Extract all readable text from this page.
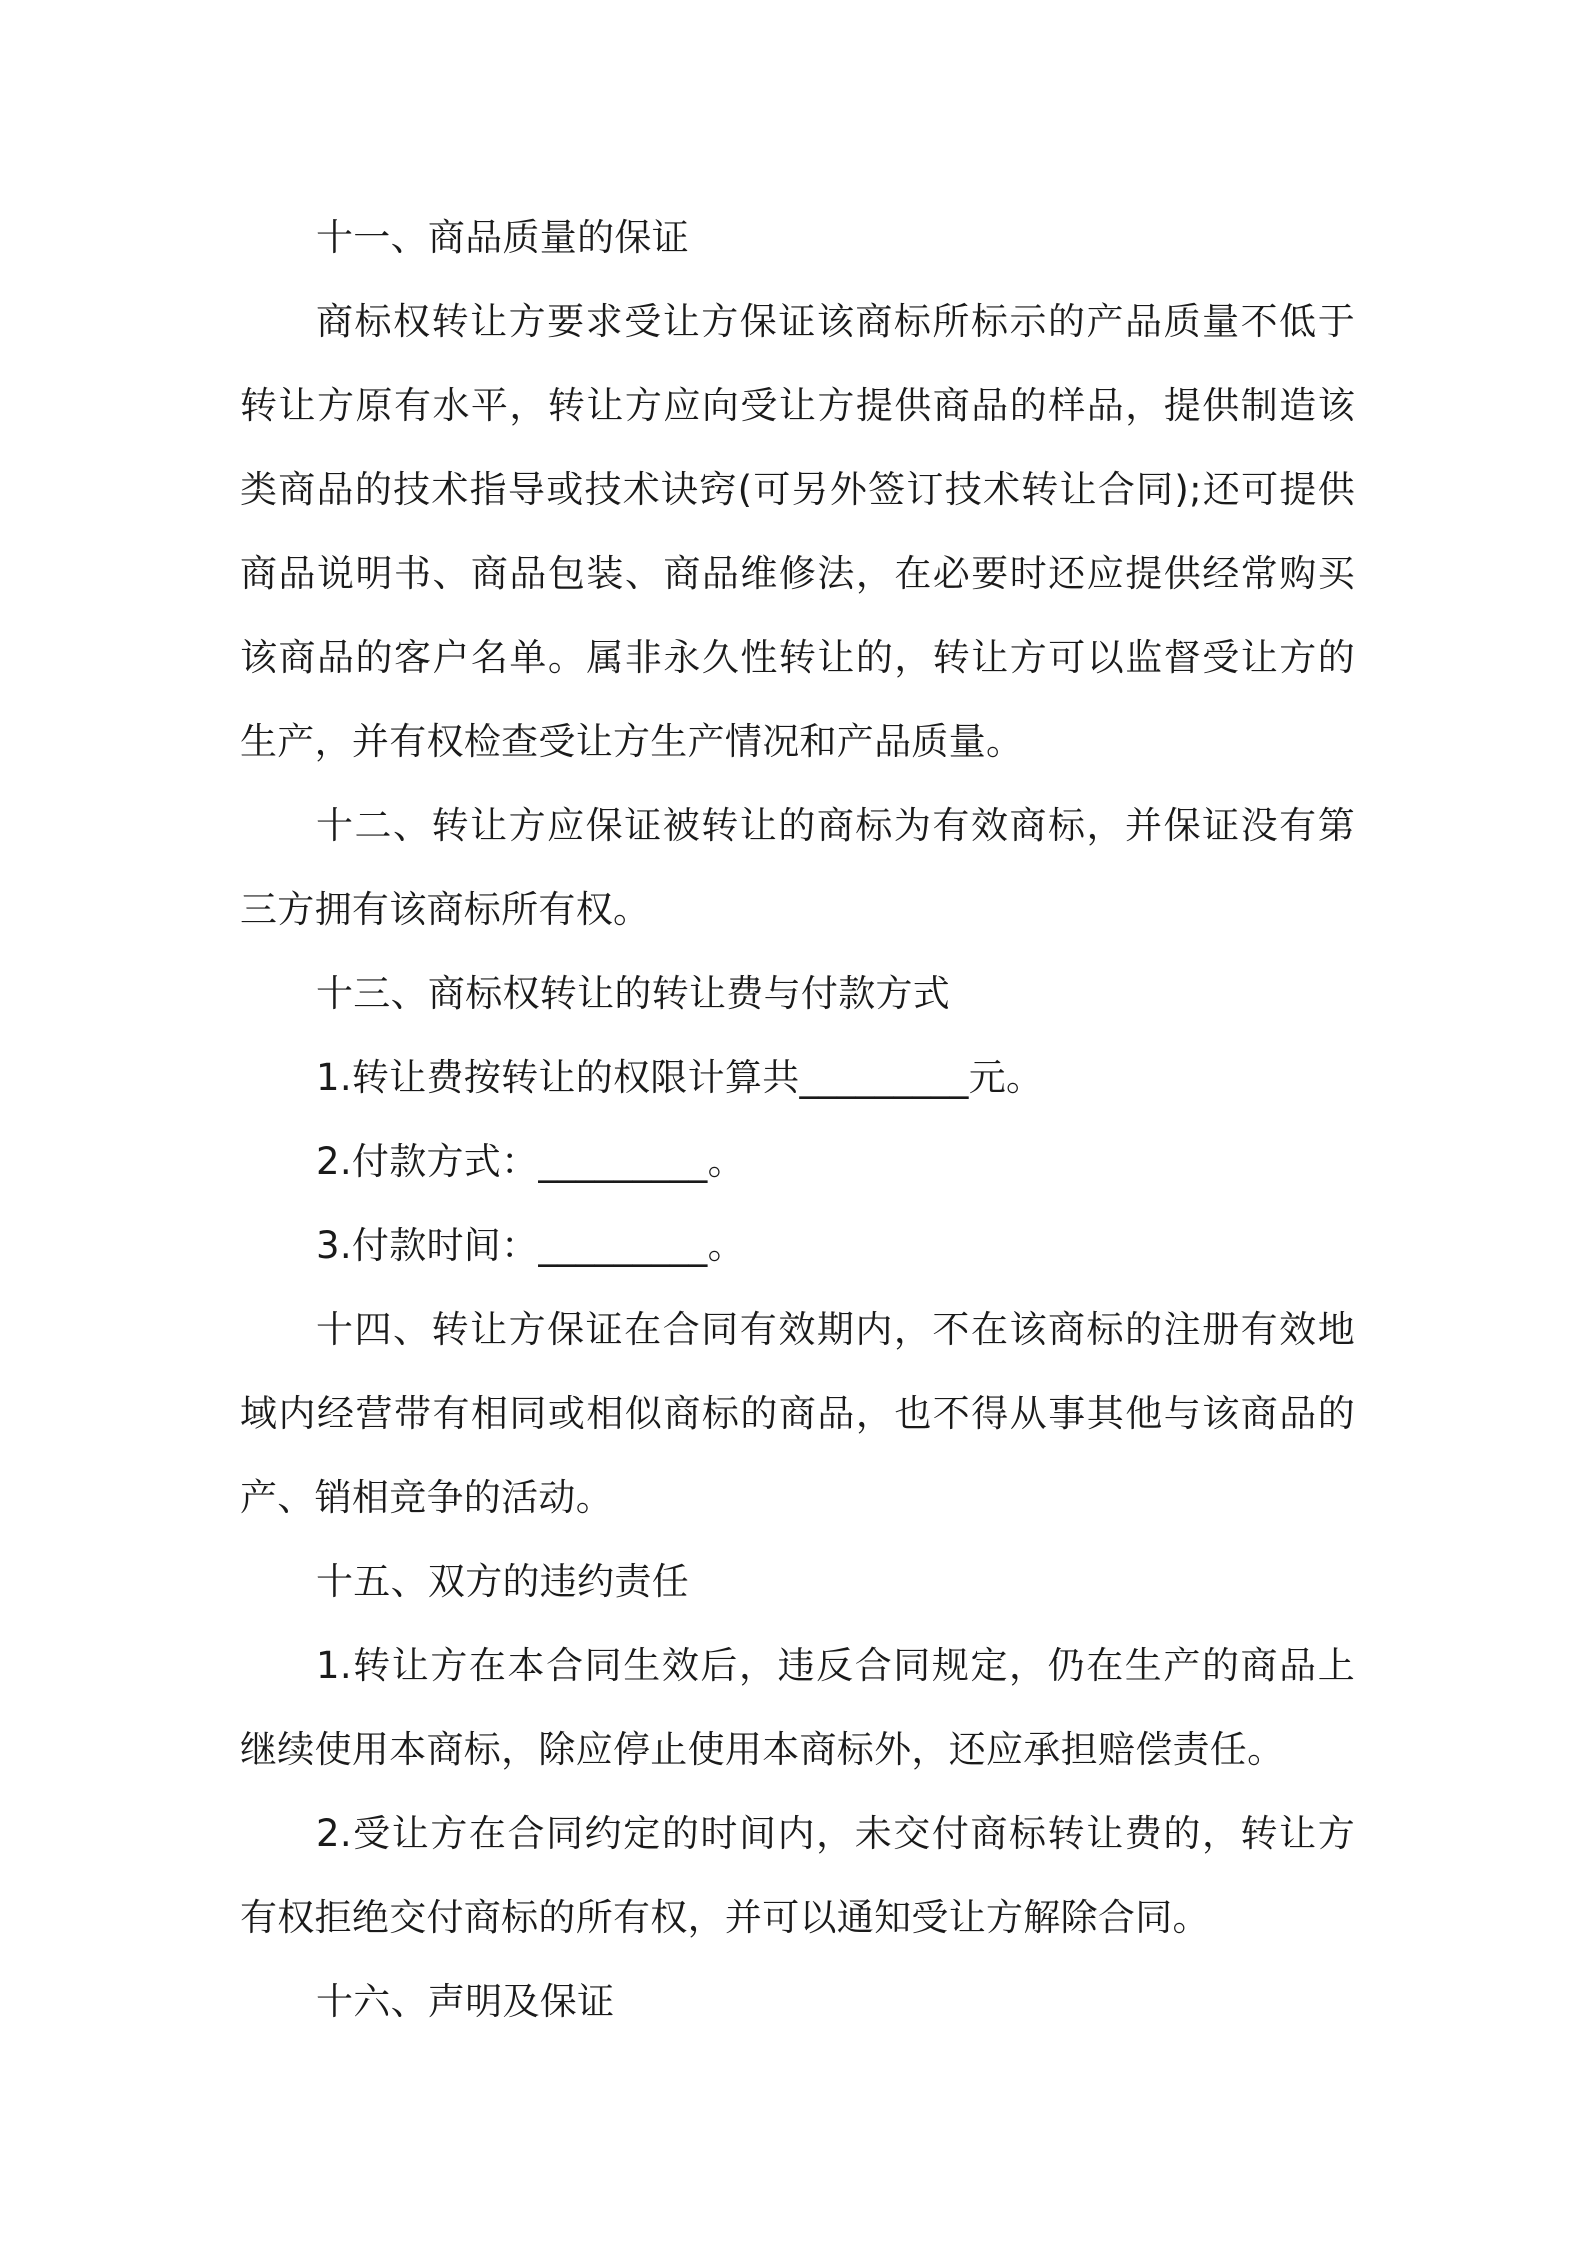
十一、商品质量的保证

商标权转让方要求受让方保证该商标所标示的产品质量不低于转让方原有水平，转让方应向受让方提供商品的样品，提供制造该类商品的技术指导或技术诀窍(可另外签订技术转让合同);还可提供商品说明书、商品包装、商品维修法，在必要时还应提供经常购买该商品的客户名单。属非永久性转让的，转让方可以监督受让方的生产，并有权检查受让方生产情况和产品质量。

十二、转让方应保证被转让的商标为有效商标，并保证没有第三方拥有该商标所有权。

十三、商标权转让的转让费与付款方式

1.转让费按转让的权限计算共_________元。

2.付款方式：_________。

3.付款时间：_________。

十四、转让方保证在合同有效期内，不在该商标的注册有效地域内经营带有相同或相似商标的商品，也不得从事其他与该商品的产、销相竞争的活动。

十五、双方的违约责任

1.转让方在本合同生效后，违反合同规定，仍在生产的商品上继续使用本商标，除应停止使用本商标外，还应承担赔偿责任。

2.受让方在合同约定的时间内，未交付商标转让费的，转让方有权拒绝交付商标的所有权，并可以通知受让方解除合同。

十六、声明及保证
